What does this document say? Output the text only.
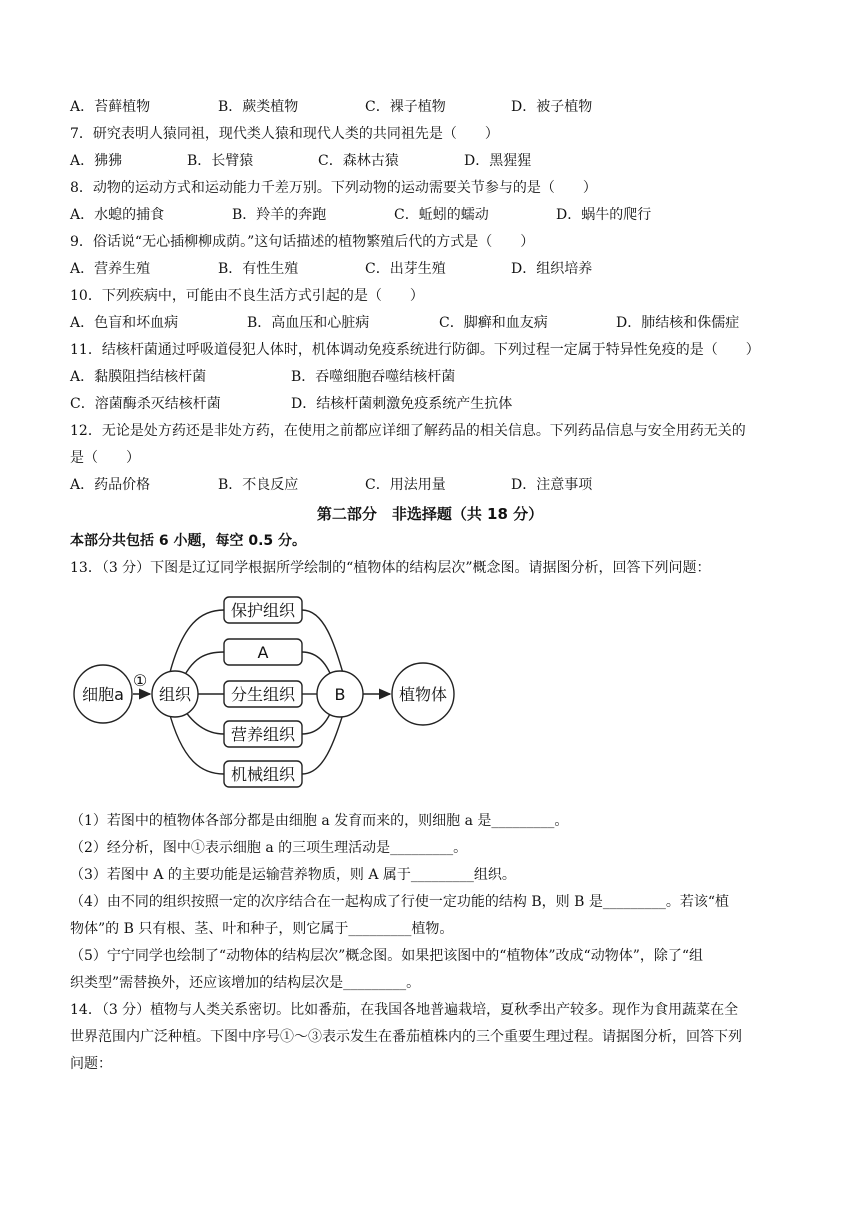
A．苔藓植物	B．蕨类植物	C．裸子植物	D．被子植物
7．研究表明人猿同祖，现代类人猿和现代人类的共同祖先是（　　）
A．狒狒	B．长臂猿	C．森林古猿	D．黑猩猩
8．动物的运动方式和运动能力千差万别。下列动物的运动需要关节参与的是（　　）
A．水螅的捕食	B．羚羊的奔跑	C．蚯蚓的蠕动	D．蜗牛的爬行
9．俗话说“无心插柳柳成荫。”这句话描述的植物繁殖后代的方式是（　　）
A．营养生殖	B．有性生殖	C．出芽生殖	D．组织培养
10．下列疾病中，可能由不良生活方式引起的是（　　）
A．色盲和坏血病	B．高血压和心脏病	C．脚癣和血友病	D．肺结核和侏儒症
11．结核杆菌通过呼吸道侵犯人体时，机体调动免疫系统进行防御。下列过程一定属于特异性免疫的是（　　）
A．黏膜阻挡结核杆菌	B．吞噬细胞吞噬结核杆菌
C．溶菌酶杀灭结核杆菌	D．结核杆菌刺激免疫系统产生抗体
12．无论是处方药还是非处方药，在使用之前都应详细了解药品的相关信息。下列药品信息与安全用药无关的
是（　　）
A．药品价格	B．不良反应	C．用法用量	D．注意事项
第二部分　非选择题（共 18 分）
本部分共包括 6 小题，每空 0.5 分。
13．（3 分）下图是辽辽同学根据所学绘制的“植物体的结构层次”概念图。请据图分析，回答下列问题：
细胞a
①
组织
保护组织
A
分生组织
营养组织
机械组织
B	植物体
（1）若图中的植物体各部分都是由细胞 a 发育而来的，则细胞 a 是_________。
（2）经分析，图中①表示细胞 a 的三项生理活动是_________。
（3）若图中 A 的主要功能是运输营养物质，则 A 属于_________组织。
（4）由不同的组织按照一定的次序结合在一起构成了行使一定功能的结构 B，则 B 是_________。若该“植
物体”的 B 只有根、茎、叶和种子，则它属于_________植物。
（5）宁宁同学也绘制了“动物体的结构层次”概念图。如果把该图中的“植物体”改成“动物体”，除了“组
织类型”需替换外，还应该增加的结构层次是_________。
14．（3 分）植物与人类关系密切。比如番茄，在我国各地普遍栽培，夏秋季出产较多。现作为食用蔬菜在全
世界范围内广泛种植。下图中序号①～③表示发生在番茄植株内的三个重要生理过程。请据图分析，回答下列
问题：
